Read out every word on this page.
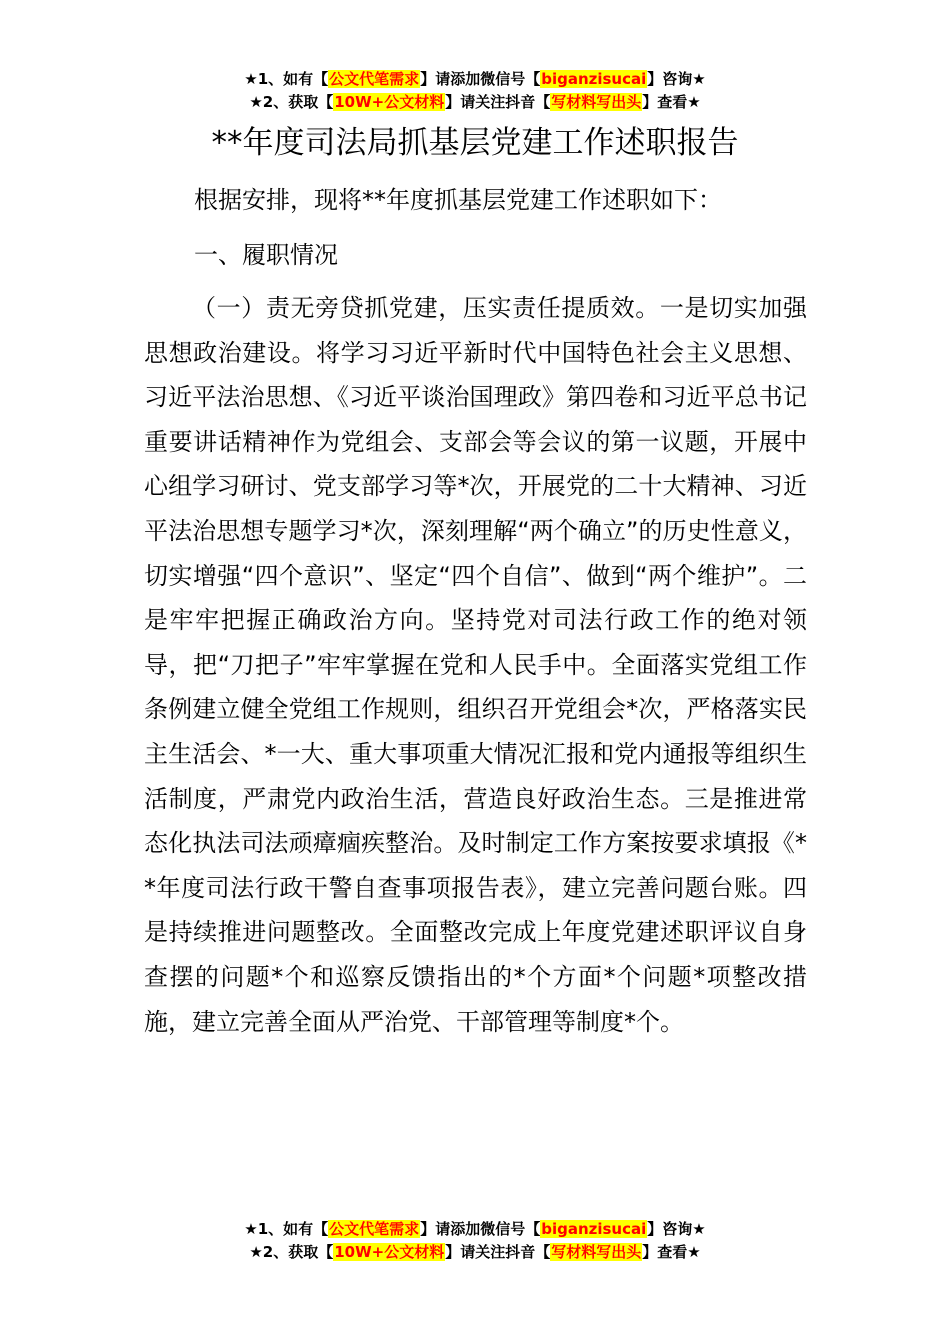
★1、如有【公文代笔需求】请添加微信号【biganzisucai】咨询★
★2、获取【10W+公文材料】请关注抖音【写材料写出头】查看★
**年度司法局抓基层党建工作述职报告

根据安排，现将**年度抓基层党建工作述职如下：

一、履职情况

（一）责无旁贷抓党建，压实责任提质效。一是切实加强思想政治建设。将学习习近平新时代中国特色社会主义思想、习近平法治思想、《习近平谈治国理政》第四卷和习近平总书记重要讲话精神作为党组会、支部会等会议的第一议题，开展中心组学习研讨、党支部学习等*次，开展党的二十大精神、习近平法治思想专题学习*次，深刻理解“两个确立”的历史性意义，切实增强“四个意识”、坚定“四个自信”、做到“两个维护”。二是牢牢把握正确政治方向。坚持党对司法行政工作的绝对领导，把“刀把子”牢牢掌握在党和人民手中。全面落实党组工作条例建立健全党组工作规则，组织召开党组会*次，严格落实民主生活会、*一大、重大事项重大情况汇报和党内通报等组织生活制度，严肃党内政治生活，营造良好政治生态。三是推进常态化执法司法顽瘴痼疾整治。及时制定工作方案按要求填报《**年度司法行政干警自查事项报告表》，建立完善问题台账。四是持续推进问题整改。全面整改完成上年度党建述职评议自身查摆的问题*个和巡察反馈指出的*个方面*个问题*项整改措施，建立完善全面从严治党、干部管理等制度*个。

★1、如有【公文代笔需求】请添加微信号【biganzisucai】咨询★
★2、获取【10W+公文材料】请关注抖音【写材料写出头】查看★
